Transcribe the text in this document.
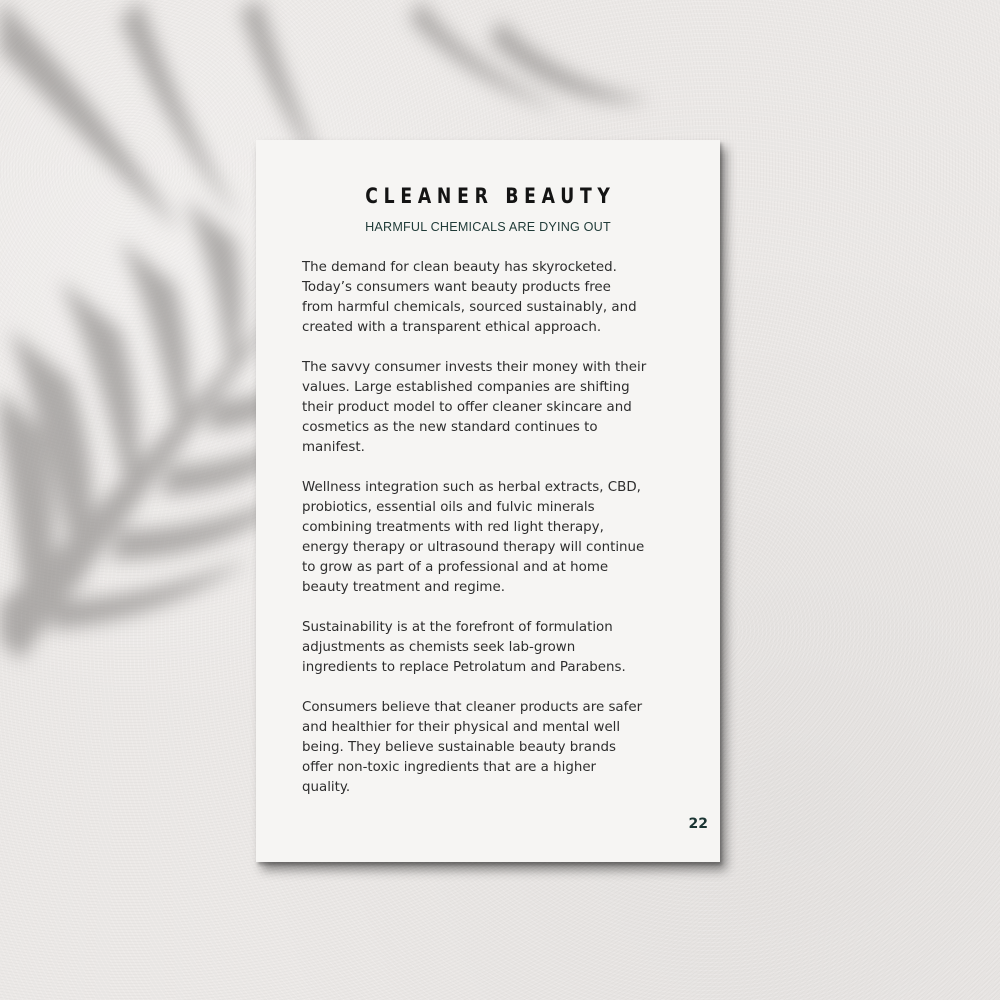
CLEANER BEAUTY
HARMFUL CHEMICALS ARE DYING OUT

The demand for clean beauty has skyrocketed.
Today’s consumers want beauty products free
from harmful chemicals, sourced sustainably, and
created with a transparent ethical approach.

The savvy consumer invests their money with their
values. Large established companies are shifting
their product model to offer cleaner skincare and
cosmetics as the new standard continues to
manifest.

Wellness integration such as herbal extracts, CBD,
probiotics, essential oils and fulvic minerals
combining treatments with red light therapy,
energy therapy or ultrasound therapy will continue
to grow as part of a professional and at home
beauty treatment and regime.

Sustainability is at the forefront of formulation
adjustments as chemists seek lab-grown
ingredients to replace Petrolatum and Parabens.

Consumers believe that cleaner products are safer
and healthier for their physical and mental well
being. They believe sustainable beauty brands
offer non-toxic ingredients that are a higher
quality.

22
